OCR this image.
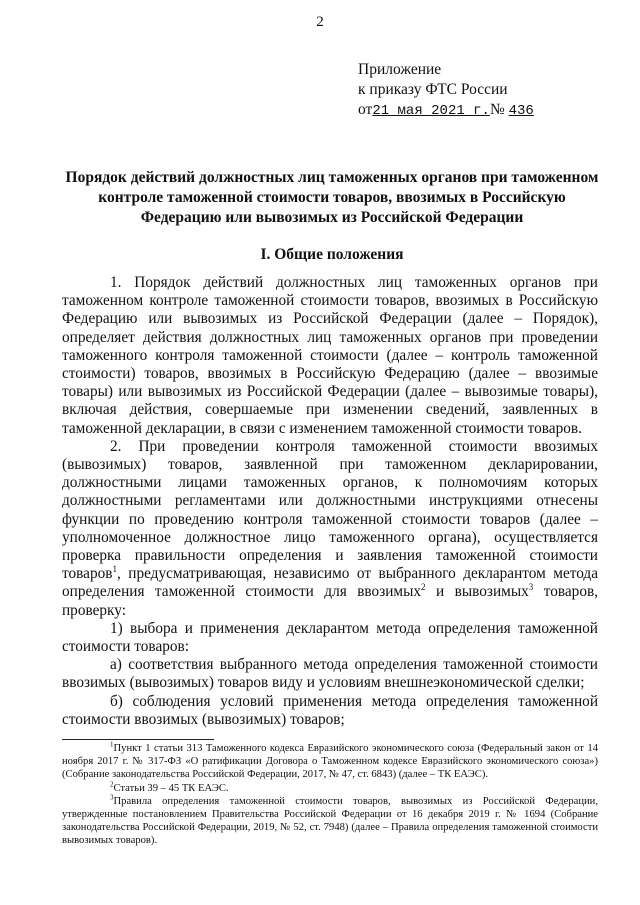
2
Приложение
к приказу ФТС России
от21 мая 2021 г.№ 436
Порядок действий должностных лиц таможенных органов при таможенном контроле таможенной стоимости товаров, ввозимых в Российскую Федерацию или вывозимых из Российской Федерации
I. Общие положения

1. Порядок действий должностных лиц таможенных органов при таможенном контроле таможенной стоимости товаров, ввозимых в Российскую Федерацию или вывозимых из Российской Федерации (далее – Порядок), определяет действия должностных лиц таможенных органов при проведении таможенного контроля таможенной стоимости (далее – контроль таможенной стоимости) товаров, ввозимых в Российскую Федерацию (далее – ввозимые товары) или вывозимых из Российской Федерации (далее – вывозимые товары), включая действия, совершаемые при изменении сведений, заявленных в таможенной декларации, в связи с изменением таможенной стоимости товаров.

2. При проведении контроля таможенной стоимости ввозимых (вывозимых) товаров, заявленной при таможенном декларировании, должностными лицами таможенных органов, к полномочиям которых должностными регламентами или должностными инструкциями отнесены функции по проведению контроля таможенной стоимости товаров (далее – уполномоченное должностное лицо таможенного органа), осуществляется проверка правильности определения и заявления таможенной стоимости товаров$^1$, предусматривающая, независимо от выбранного декларантом метода определения таможенной стоимости для ввозимых$^2$ и вывозимых$^3$ товаров, проверку:

1) выбора и применения декларантом метода определения таможенной стоимости товаров:

а) соответствия выбранного метода определения таможенной стоимости ввозимых (вывозимых) товаров виду и условиям внешнеэкономической сделки;

б) соблюдения условий применения метода определения таможенной стоимости ввозимых (вывозимых) товаров;

$^1$Пункт 1 статьи 313 Таможенного кодекса Евразийского экономического союза (Федеральный закон от 14 ноября 2017 г. № 317-ФЗ «О ратификации Договора о Таможенном кодексе Евразийского экономического союза») (Собрание законодательства Российской Федерации, 2017, № 47, ст. 6843) (далее – ТК ЕАЭС).

$^2$Статьи 39 – 45 ТК ЕАЭС.

$^3$Правила определения таможенной стоимости товаров, вывозимых из Российской Федерации, утвержденные постановлением Правительства Российской Федерации от 16 декабря 2019 г. № 1694 (Собрание законодательства Российской Федерации, 2019, № 52, ст. 7948) (далее – Правила определения таможенной стоимости вывозимых товаров).
